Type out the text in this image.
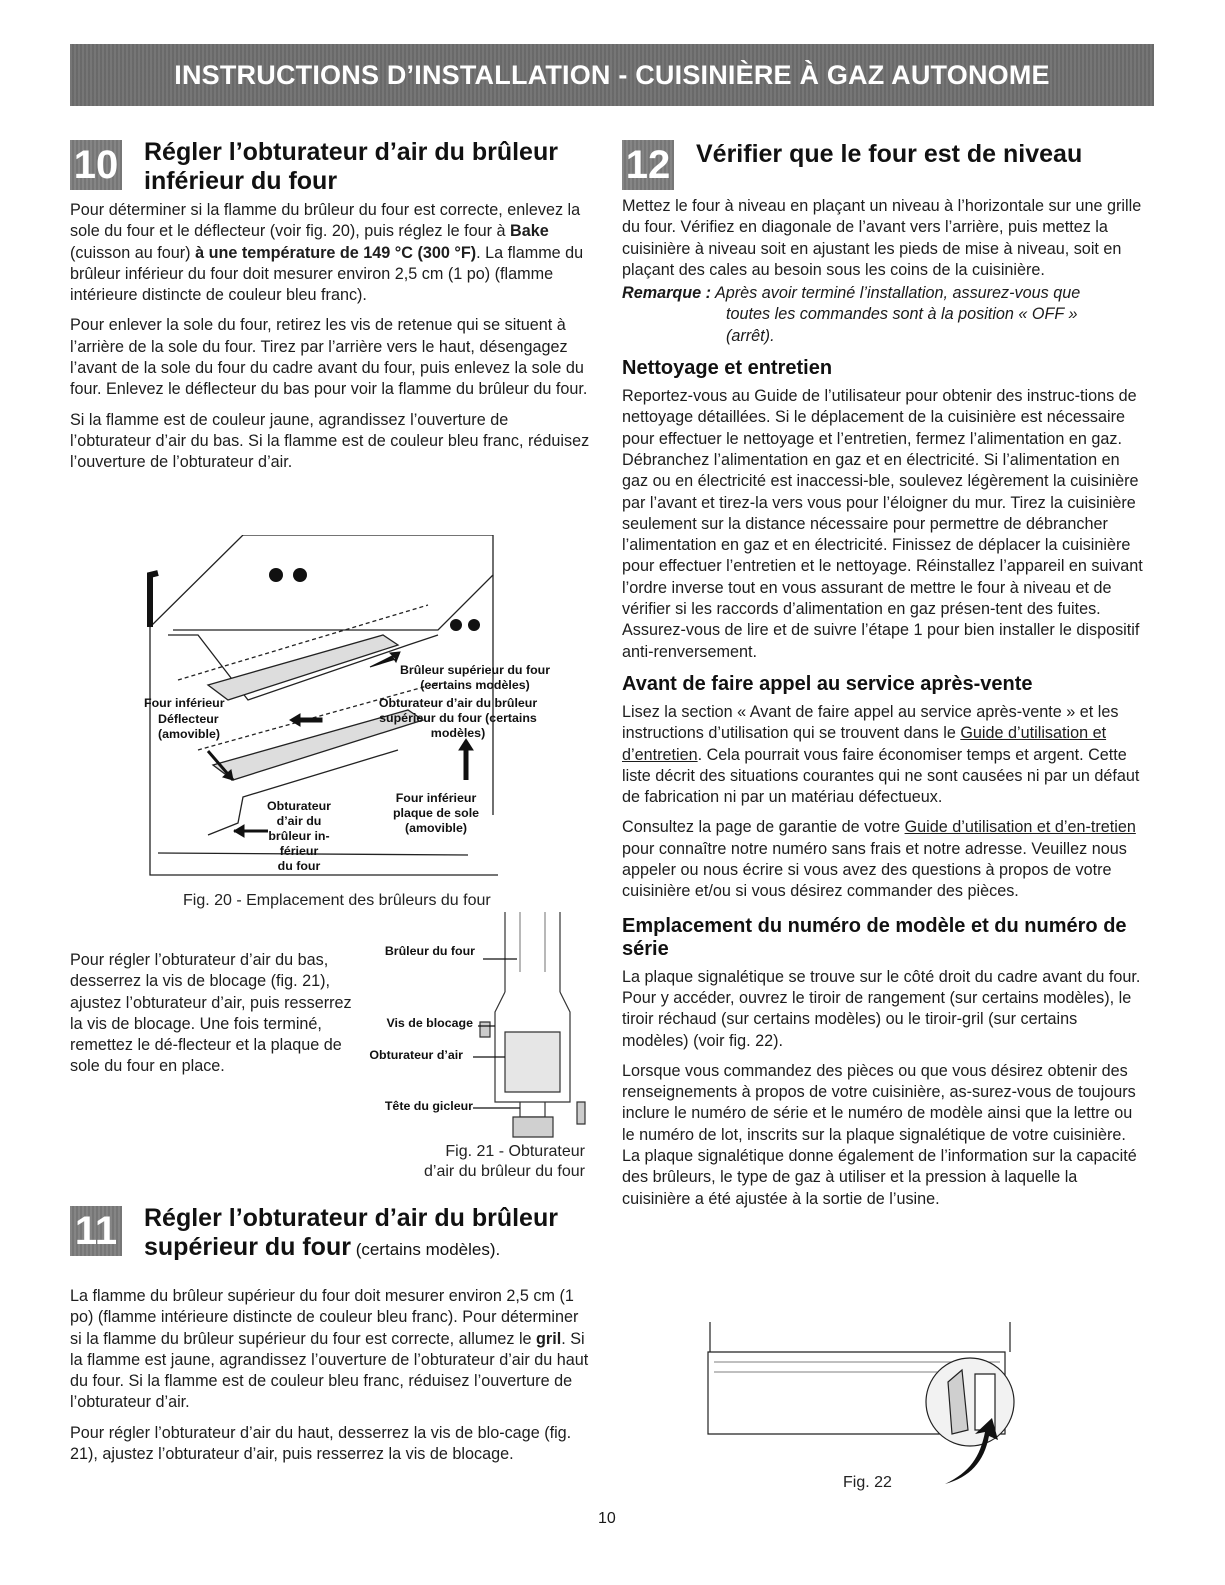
INSTRUCTIONS D’INSTALLATION - CUISINIÈRE À GAZ AUTONOME
10 Régler l’obturateur d’air du brûleur
inférieur du four

Pour déterminer si la flamme du brûleur du four est correcte, enlevez la sole du four et le déflecteur (voir fig. 20), puis réglez le four à Bake (cuisson au four) à une température de 149 °C (300 °F). La flamme du brûleur inférieur du four doit mesurer environ 2,5 cm (1 po) (flamme intérieure distincte de couleur bleu franc).

Pour enlever la sole du four, retirez les vis de retenue qui se situent à l’arrière de la sole du four. Tirez par l’arrière vers le haut, désengagez l’avant de la sole du four du cadre avant du four, puis enlevez la sole du four. Enlevez le déflecteur du bas pour voir la flamme du brûleur du four.

Si la flamme est de couleur jaune, agrandissez l’ouverture de l’obturateur d’air du bas. Si la flamme est de couleur bleu franc, réduisez l’ouverture de l’obturateur d’air.

Brûleur supérieur du four
(certains modèles)
Obturateur d’air du brûleur
supérieur du four (certains
modèles)
Four inférieur
Déflecteur
(amovible)
Obturateur
d’air du
brûleur in-
férieur
du four
Four inférieur
plaque de sole
(amovible)
Fig. 20 - Emplacement des brûleurs du four

Pour régler l’obturateur d’air du bas, desserrez la vis de blocage (fig. 21), ajustez l’obturateur d’air, puis resserrez la vis de blocage. Une fois terminé, remettez le dé-flecteur et la plaque de sole du four en place.

Brûleur du four
Vis de blocage
Obturateur d’air
Tête du gicleur
Fig. 21 - Obturateur
d’air du brûleur du four
11 Régler l’obturateur d’air du brûleur
supérieur du four (certains modèles).

La flamme du brûleur supérieur du four doit mesurer environ 2,5 cm (1 po) (flamme intérieure distincte de couleur bleu franc). Pour déterminer si la flamme du brûleur supérieur du four est correcte, allumez le gril. Si la flamme est jaune, agrandissez l’ouverture de l’obturateur d’air du haut du four. Si la flamme est de couleur bleu franc, réduisez l’ouverture de l’obturateur d’air.

Pour régler l’obturateur d’air du haut, desserrez la vis de blo-cage (fig. 21), ajustez l’obturateur d’air, puis resserrez la vis de blocage.

12 Vérifier que le four est de niveau

Mettez le four à niveau en plaçant un niveau à l’horizontale sur une grille du four. Vérifiez en diagonale de l’avant vers l’arrière, puis mettez la cuisinière à niveau soit en ajustant les pieds de mise à niveau, soit en plaçant des cales au besoin sous les coins de la cuisinière.

Remarque : Après avoir terminé l’installation, assurez-vous que
toutes les commandes sont à la position « OFF »
(arrêt).
Nettoyage et entretien

Reportez-vous au Guide de l’utilisateur pour obtenir des instruc-tions de nettoyage détaillées. Si le déplacement de la cuisinière est nécessaire pour effectuer le nettoyage et l’entretien, fermez l’alimentation en gaz. Débranchez l’alimentation en gaz et en électricité. Si l’alimentation en gaz ou en électricité est inaccessi-ble, soulevez légèrement la cuisinière par l’avant et tirez-la vers vous pour l’éloigner du mur. Tirez la cuisinière seulement sur la distance nécessaire pour permettre de débrancher l’alimentation en gaz et en électricité. Finissez de déplacer la cuisinière pour effectuer l’entretien et le nettoyage. Réinstallez l’appareil en suivant l’ordre inverse tout en vous assurant de mettre le four à niveau et de vérifier si les raccords d’alimentation en gaz présen-tent des fuites. Assurez-vous de lire et de suivre l’étape 1 pour bien installer le dispositif anti-renversement.

Avant de faire appel au service après-vente

Lisez la section « Avant de faire appel au service après-vente » et les instructions d’utilisation qui se trouvent dans le Guide d’utilisation et d’entretien. Cela pourrait vous faire économiser temps et argent. Cette liste décrit des situations courantes qui ne sont causées ni par un défaut de fabrication ni par un matériau défectueux.

Consultez la page de garantie de votre Guide d’utilisation et d’en-tretien pour connaître notre numéro sans frais et notre adresse. Veuillez nous appeler ou nous écrire si vous avez des questions à propos de votre cuisinière et/ou si vous désirez commander des pièces.

Emplacement du numéro de modèle et du numéro de série

La plaque signalétique se trouve sur le côté droit du cadre avant du four. Pour y accéder, ouvrez le tiroir de rangement (sur certains modèles), le tiroir réchaud (sur certains modèles) ou le tiroir-gril (sur certains modèles) (voir fig. 22).

Lorsque vous commandez des pièces ou que vous désirez obtenir des renseignements à propos de votre cuisinière, as-surez-vous de toujours inclure le numéro de série et le numéro de modèle ainsi que la lettre ou le numéro de lot, inscrits sur la plaque signalétique de votre cuisinière. La plaque signalétique donne également de l’information sur la capacité des brûleurs, le type de gaz à utiliser et la pression à laquelle la cuisinière a été ajustée à la sortie de l’usine.

Fig. 22
10
